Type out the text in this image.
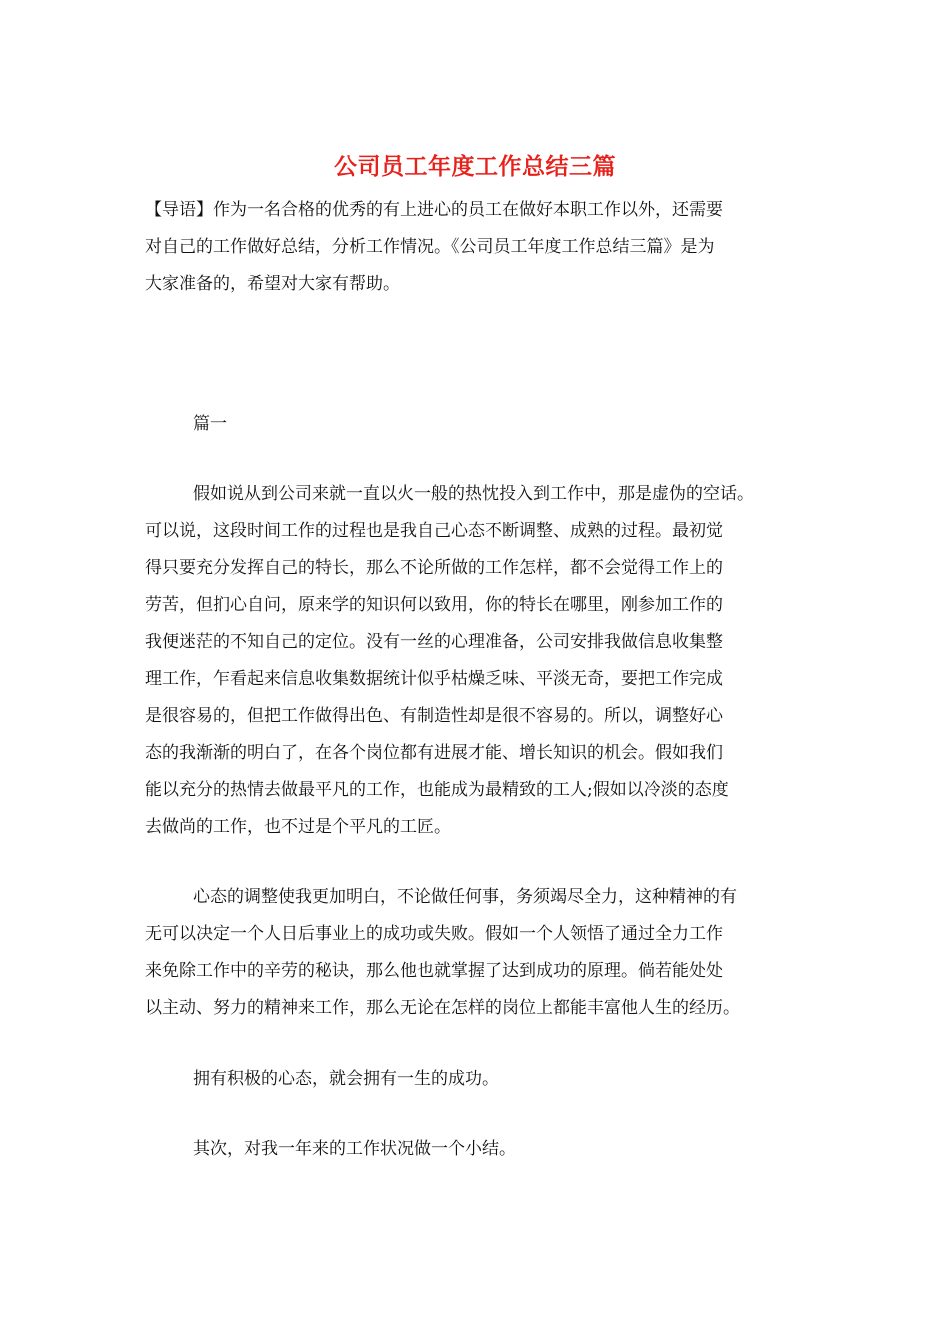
公司员工年度工作总结三篇
【导语】作为一名合格的优秀的有上进心的员工在做好本职工作以外，还需要
对自己的工作做好总结，分析工作情况。《公司员工年度工作总结三篇》是为
大家准备的，希望对大家有帮助。
篇一
假如说从到公司来就一直以火一般的热忱投入到工作中，那是虚伪的空话。
可以说，这段时间工作的过程也是我自己心态不断调整、成熟的过程。最初觉
得只要充分发挥自己的特长，那么不论所做的工作怎样，都不会觉得工作上的
劳苦，但扪心自问，原来学的知识何以致用，你的特长在哪里，刚参加工作的
我便迷茫的不知自己的定位。没有一丝的心理准备，公司安排我做信息收集整
理工作，乍看起来信息收集数据统计似乎枯燥乏味、平淡无奇，要把工作完成
是很容易的，但把工作做得出色、有制造性却是很不容易的。所以，调整好心
态的我渐渐的明白了，在各个岗位都有进展才能、增长知识的机会。假如我们
能以充分的热情去做最平凡的工作，也能成为最精致的工人;假如以冷淡的态度
去做尚的工作，也不过是个平凡的工匠。
心态的调整使我更加明白，不论做任何事，务须竭尽全力，这种精神的有
无可以决定一个人日后事业上的成功或失败。假如一个人领悟了通过全力工作
来免除工作中的辛劳的秘诀，那么他也就掌握了达到成功的原理。倘若能处处
以主动、努力的精神来工作，那么无论在怎样的岗位上都能丰富他人生的经历。
拥有积极的心态，就会拥有一生的成功。
其次，对我一年来的工作状况做一个小结。
